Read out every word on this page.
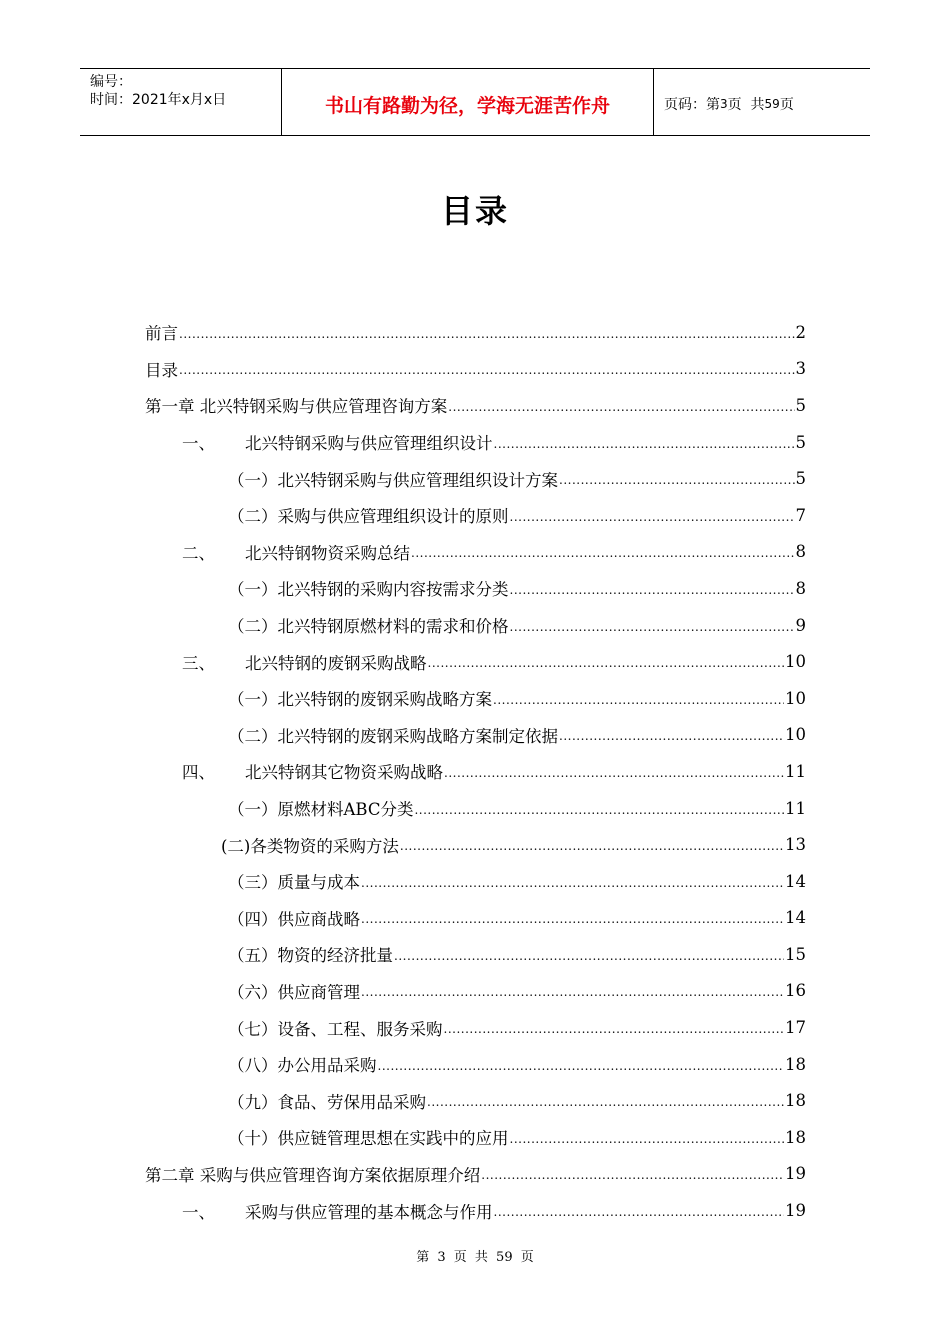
编号：
时间：2021年x月x日	书山有路勤为径，学海无涯苦作舟	页码：第 3 页  共 59 页
目录
前言 .....	2
目录 .....	3
第一章 北兴特钢采购与供应管理咨询方案 .....	5
一、	北兴特钢采购与供应管理组织设计 .....	5
（一）北兴特钢采购与供应管理组织设计方案 .....	5
（二）采购与供应管理组织设计的原则 .....	7
二、	北兴特钢物资采购总结 .....	8
（一）北兴特钢的采购内容按需求分类 .....	8
（二）北兴特钢原燃材料的需求和价格 .....	9
三、	北兴特钢的废钢采购战略 .....	10
（一）北兴特钢的废钢采购战略方案 .....	10
（二）北兴特钢的废钢采购战略方案制定依据 .....	10
四、	北兴特钢其它物资采购战略 .....	11
（一）原燃材料ABC分类 .....	11
(二)各类物资的采购方法 .....	13
（三）质量与成本 .....	14
（四）供应商战略 .....	14
（五）物资的经济批量 .....	15
（六）供应商管理 .....	16
（七）设备、工程、服务采购 .....	17
（八）办公用品采购 .....	18
（九）食品、劳保用品采购 .....	18
（十）供应链管理思想在实践中的应用 .....	18
第二章 采购与供应管理咨询方案依据原理介绍 .....	19
一、	采购与供应管理的基本概念与作用 .....	19
第 3 页 共 59 页
